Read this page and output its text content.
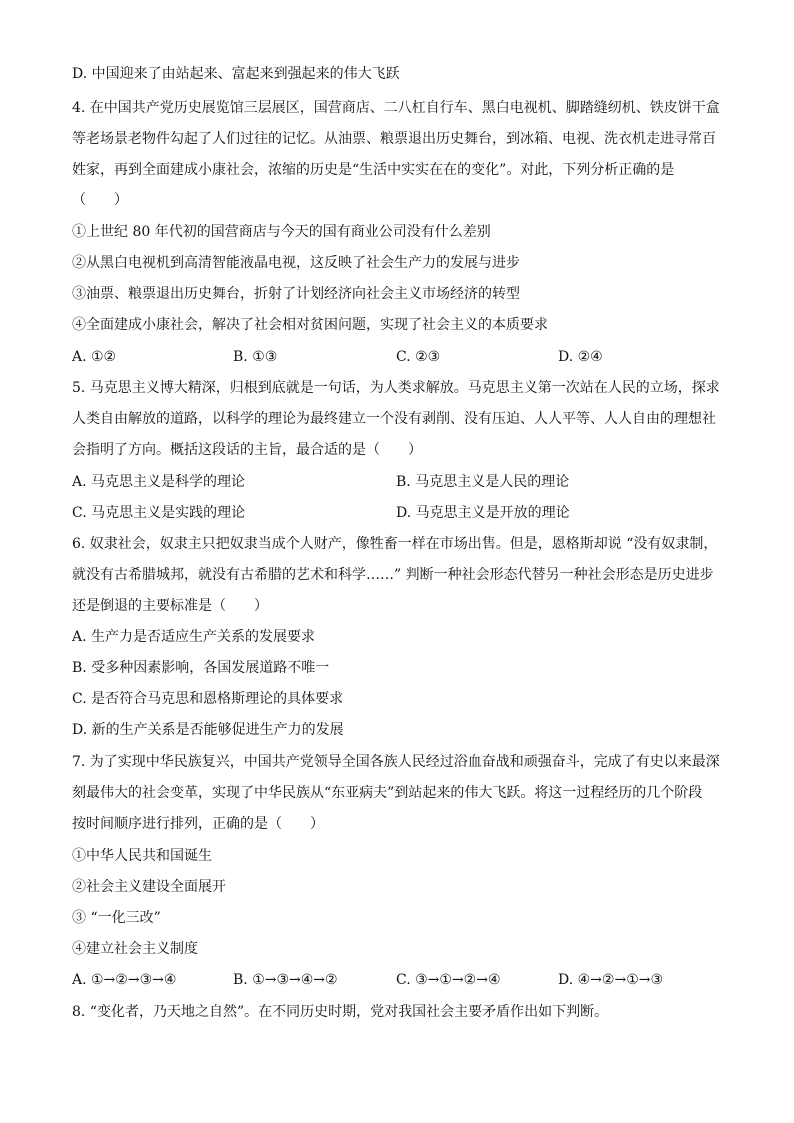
D. 中国迎来了由站起来、富起来到强起来的伟大飞跃
4. 在中国共产党历史展览馆三层展区，国营商店、二八杠自行车、黑白电视机、脚踏缝纫机、铁皮饼干盒
等老场景老物件勾起了人们过往的记忆。从油票、粮票退出历史舞台，到冰箱、电视、洗衣机走进寻常百
姓家，再到全面建成小康社会，浓缩的历史是“生活中实实在在的变化”。对此，下列分析正确的是
（　　）
①上世纪 80 年代初的国营商店与今天的国有商业公司没有什么差别
②从黑白电视机到高清智能液晶电视，这反映了社会生产力的发展与进步
③油票、粮票退出历史舞台，折射了计划经济向社会主义市场经济的转型
④全面建成小康社会，解决了社会相对贫困问题，实现了社会主义的本质要求
A. ①②	B. ①③	C. ②③	D. ②④
5. 马克思主义博大精深，归根到底就是一句话，为人类求解放。马克思主义第一次站在人民的立场，探求
人类自由解放的道路，以科学的理论为最终建立一个没有剥削、没有压迫、人人平等、人人自由的理想社
会指明了方向。概括这段话的主旨，最合适的是（　　）
A. 马克思主义是科学的理论	B. 马克思主义是人民的理论
C. 马克思主义是实践的理论	D. 马克思主义是开放的理论
6. 奴隶社会，奴隶主只把奴隶当成个人财产，像牲畜一样在市场出售。但是，恩格斯却说 “没有奴隶制，
就没有古希腊城邦，就没有古希腊的艺术和科学……” 判断一种社会形态代替另一种社会形态是历史进步
还是倒退的主要标准是（　　）
A. 生产力是否适应生产关系的发展要求
B. 受多种因素影响，各国发展道路不唯一
C. 是否符合马克思和恩格斯理论的具体要求
D. 新的生产关系是否能够促进生产力的发展
7. 为了实现中华民族复兴，中国共产党领导全国各族人民经过浴血奋战和顽强奋斗，完成了有史以来最深
刻最伟大的社会变革，实现了中华民族从“东亚病夫”到站起来的伟大飞跃。将这一过程经历的几个阶段
按时间顺序进行排列，正确的是（　　）
①中华人民共和国诞生
②社会主义建设全面展开
③ “一化三改”
④建立社会主义制度
A. ①→②→③→④	B. ①→③→④→②	C. ③→①→②→④	D. ④→②→①→③
8. “变化者，乃天地之自然”。在不同历史时期，党对我国社会主要矛盾作出如下判断。
